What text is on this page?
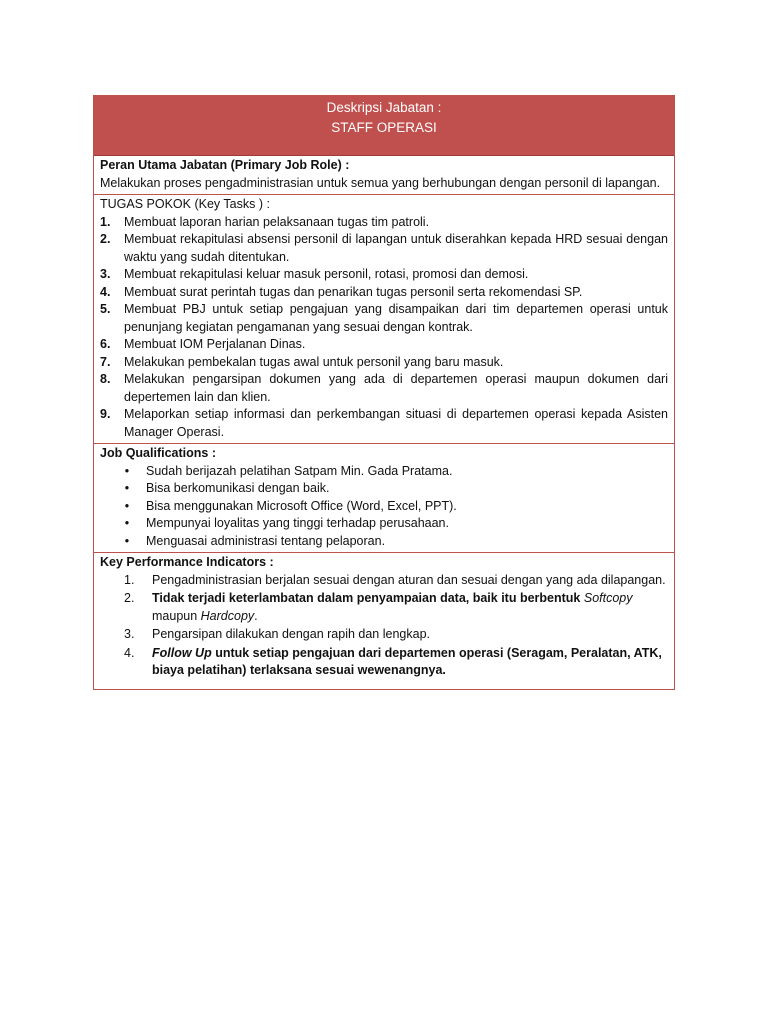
Deskripsi Jabatan :
STAFF OPERASI
Peran Utama Jabatan (Primary Job Role) :
Melakukan proses pengadministrasian untuk semua yang berhubungan dengan personil di lapangan.
TUGAS POKOK (Key Tasks ) :
1.	Membuat laporan harian pelaksanaan tugas tim patroli.
2.	Membuat rekapitulasi absensi personil di lapangan untuk diserahkan kepada HRD sesuai dengan waktu yang sudah ditentukan.
3.	Membuat rekapitulasi keluar masuk personil, rotasi, promosi dan demosi.
4.	Membuat surat perintah tugas dan penarikan tugas personil serta rekomendasi SP.
5.	Membuat PBJ untuk setiap pengajuan yang disampaikan dari tim departemen operasi untuk penunjang kegiatan pengamanan yang sesuai dengan kontrak.
6.	Membuat IOM Perjalanan Dinas.
7.	Melakukan pembekalan tugas awal untuk personil yang baru masuk.
8.	Melakukan pengarsipan dokumen yang ada di departemen operasi maupun dokumen dari depertemen lain dan klien.
9.	Melaporkan setiap informasi dan perkembangan situasi di departemen operasi kepada Asisten Manager Operasi.
Job Qualifications :
•	Sudah berijazah pelatihan Satpam Min. Gada Pratama.
•	Bisa berkomunikasi dengan baik.
•	Bisa menggunakan Microsoft Office (Word, Excel, PPT).
•	Mempunyai loyalitas yang tinggi terhadap perusahaan.
•	Menguasai administrasi tentang pelaporan.
Key Performance Indicators :
1.	Pengadministrasian berjalan sesuai dengan aturan dan sesuai dengan yang ada dilapangan.
2.	Tidak terjadi keterlambatan dalam penyampaian data, baik itu berbentuk Softcopy maupun Hardcopy.
3.	Pengarsipan dilakukan dengan rapih dan lengkap.
4.	Follow Up untuk setiap pengajuan dari departemen operasi (Seragam, Peralatan, ATK, biaya pelatihan) terlaksana sesuai wewenangnya.
